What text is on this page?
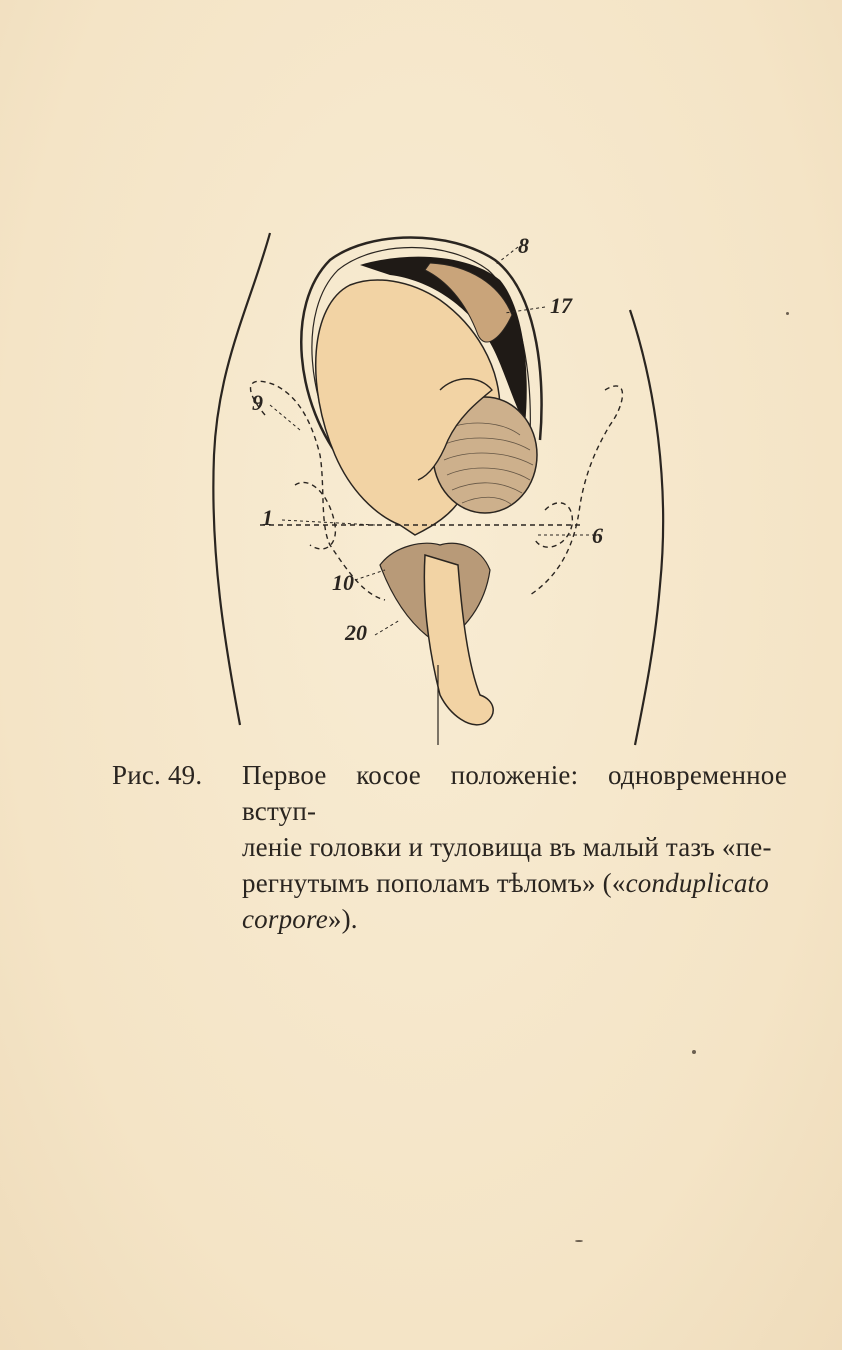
8
17
9
1
6
10
20
Рис. 49. Первое косое положеніе: одновременное вступ-
леніе головки и туловища въ малый тазъ «пе-
регнутымъ пополамъ тѣломъ» («conduplicato
corpore»).
